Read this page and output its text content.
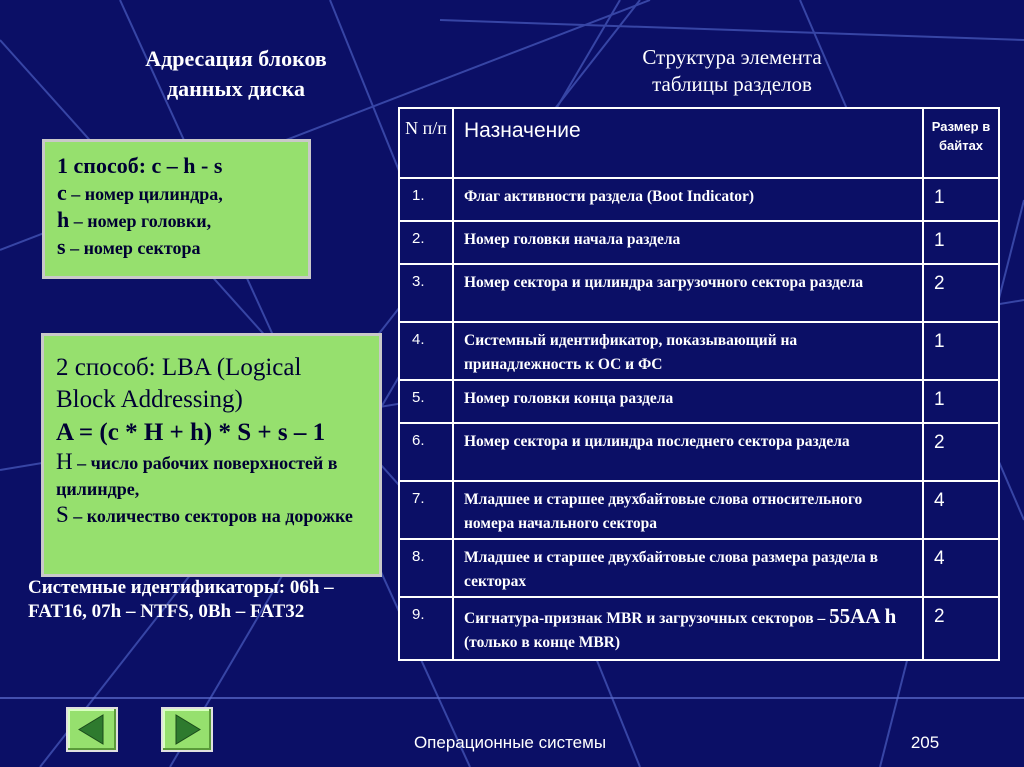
Адресация блоков
данных диска
Структура элемента
таблицы разделов
1 способ: c – h - s
c – номер цилиндра,
h – номер головки,
s – номер сектора
2 способ: LBA (Logical
Block Addressing)
A = (c * H + h) * S + s – 1
H – число рабочих поверхностей в цилиндре,
S – количество секторов на дорожке
Системные идентификаторы: 06h – FAT16, 07h – NTFS, 0Bh – FAT32
N п/п	Назначение	Размер в байтах
1.	Флаг активности раздела (Boot Indicator)	1
2.	Номер головки начала раздела	1
3.	Номер сектора и цилиндра загрузочного сектора раздела	2
4.	Системный идентификатор, показывающий на принадлежность к ОС и ФС	1
5.	Номер головки конца раздела	1
6.	Номер сектора и цилиндра последнего сектора раздела	2
7.	Младшее и старшее двухбайтовые слова относительного номера начального сектора	4
8.	Младшее и старшее двухбайтовые слова размера раздела в секторах	4
9.	Сигнатура-признак MBR и загрузочных секторов – 55AA h (только в конце MBR)	2
Операционные системы	205
